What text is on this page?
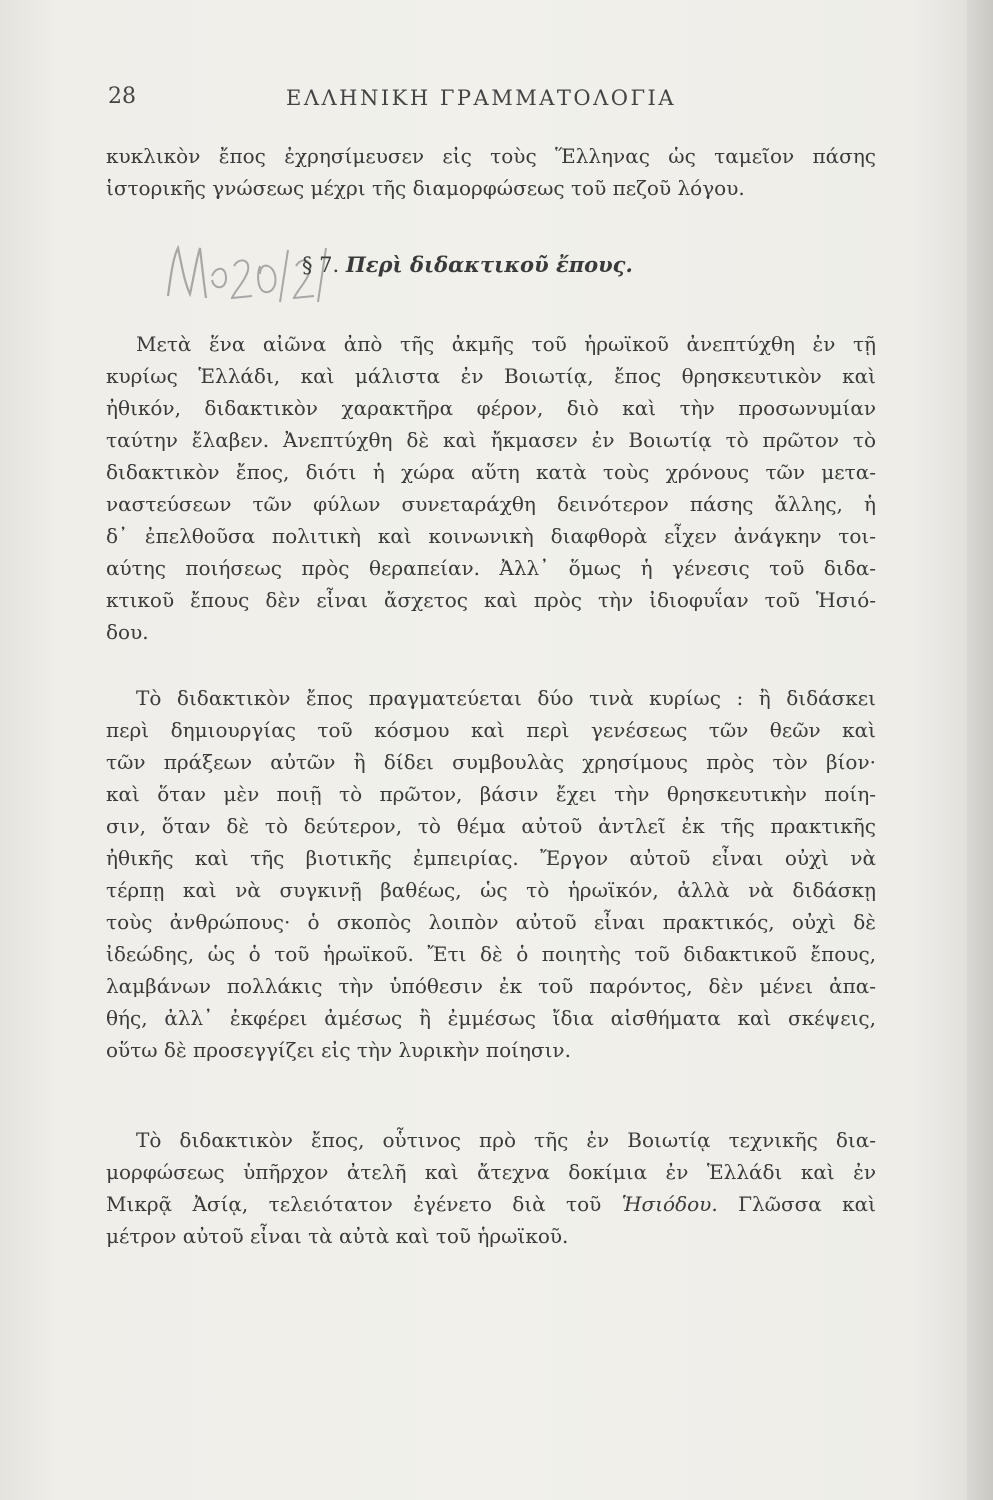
28	ΕΛΛΗΝΙΚΗ ΓΡΑΜΜΑΤΟΛΟΓΙΑ
κυκλικὸν ἔπος ἐχρησίμευσεν εἰς τοὺς Ἕλληνας ὡς ταμεῖον πάσης
ἱστορικῆς γνώσεως μέχρι τῆς διαμορφώσεως τοῦ πεζοῦ λόγου.
§ 7. Περὶ διδακτικοῦ ἔπους.
Μετὰ ἕνα αἰῶνα ἀπὸ τῆς ἀκμῆς τοῦ ἡρωϊκοῦ ἀνεπτύχθη ἐν τῇ
κυρίως Ἑλλάδι, καὶ μάλιστα ἐν Βοιωτίᾳ, ἔπος θρησκευτικὸν καὶ
ἠθικόν, διδακτικὸν χαρακτῆρα φέρον, διὸ καὶ τὴν προσωνυμίαν
ταύτην ἔλαβεν. Ἀνεπτύχθη δὲ καὶ ἤκμασεν ἐν Βοιωτίᾳ τὸ πρῶτον τὸ
διδακτικὸν ἔπος, διότι ἡ χώρα αὕτη κατὰ τοὺς χρόνους τῶν μετα-
ναστεύσεων τῶν φύλων συνεταράχθη δεινότερον πάσης ἄλλης, ἡ
δ᾽ ἐπελθοῦσα πολιτικὴ καὶ κοινωνικὴ διαφθορὰ εἶχεν ἀνάγκην τοι-
αύτης ποιήσεως πρὸς θεραπείαν. Ἀλλ᾽ ὅμως ἡ γένεσις τοῦ διδα-
κτικοῦ ἔπους δὲν εἶναι ἄσχετος καὶ πρὸς τὴν ἰδιοφυΐαν τοῦ Ἡσιό-
δου.
Τὸ διδακτικὸν ἔπος πραγματεύεται δύο τινὰ κυρίως : ἢ διδάσκει
περὶ δημιουργίας τοῦ κόσμου καὶ περὶ γενέσεως τῶν θεῶν καὶ
τῶν πράξεων αὐτῶν ἢ δίδει συμβουλὰς χρησίμους πρὸς τὸν βίον·
καὶ ὅταν μὲν ποιῇ τὸ πρῶτον, βάσιν ἔχει τὴν θρησκευτικὴν ποίη-
σιν, ὅταν δὲ τὸ δεύτερον, τὸ θέμα αὐτοῦ ἀντλεῖ ἐκ τῆς πρακτικῆς
ἠθικῆς καὶ τῆς βιοτικῆς ἐμπειρίας. Ἔργον αὐτοῦ εἶναι οὐχὶ νὰ
τέρπῃ καὶ νὰ συγκινῇ βαθέως, ὡς τὸ ἡρωϊκόν, ἀλλὰ νὰ διδάσκῃ
τοὺς ἀνθρώπους· ὁ σκοπὸς λοιπὸν αὐτοῦ εἶναι πρακτικός, οὐχὶ δὲ
ἰδεώδης, ὡς ὁ τοῦ ἡρωϊκοῦ. Ἔτι δὲ ὁ ποιητὴς τοῦ διδακτικοῦ ἔπους,
λαμβάνων πολλάκις τὴν ὑπόθεσιν ἐκ τοῦ παρόντος, δὲν μένει ἀπα-
θής, ἀλλ᾽ ἐκφέρει ἀμέσως ἢ ἐμμέσως ἴδια αἰσθήματα καὶ σκέψεις,
οὕτω δὲ προσεγγίζει εἰς τὴν λυρικὴν ποίησιν.
Τὸ διδακτικὸν ἔπος, οὗτινος πρὸ τῆς ἐν Βοιωτίᾳ τεχνικῆς δια-
μορφώσεως ὑπῆρχον ἀτελῆ καὶ ἄτεχνα δοκίμια ἐν Ἑλλάδι καὶ ἐν
Μικρᾷ Ἀσίᾳ, τελειότατον ἐγένετο διὰ τοῦ Ἡσιόδου. Γλῶσσα καὶ
μέτρον αὐτοῦ εἶναι τὰ αὐτὰ καὶ τοῦ ἡρωϊκοῦ.
